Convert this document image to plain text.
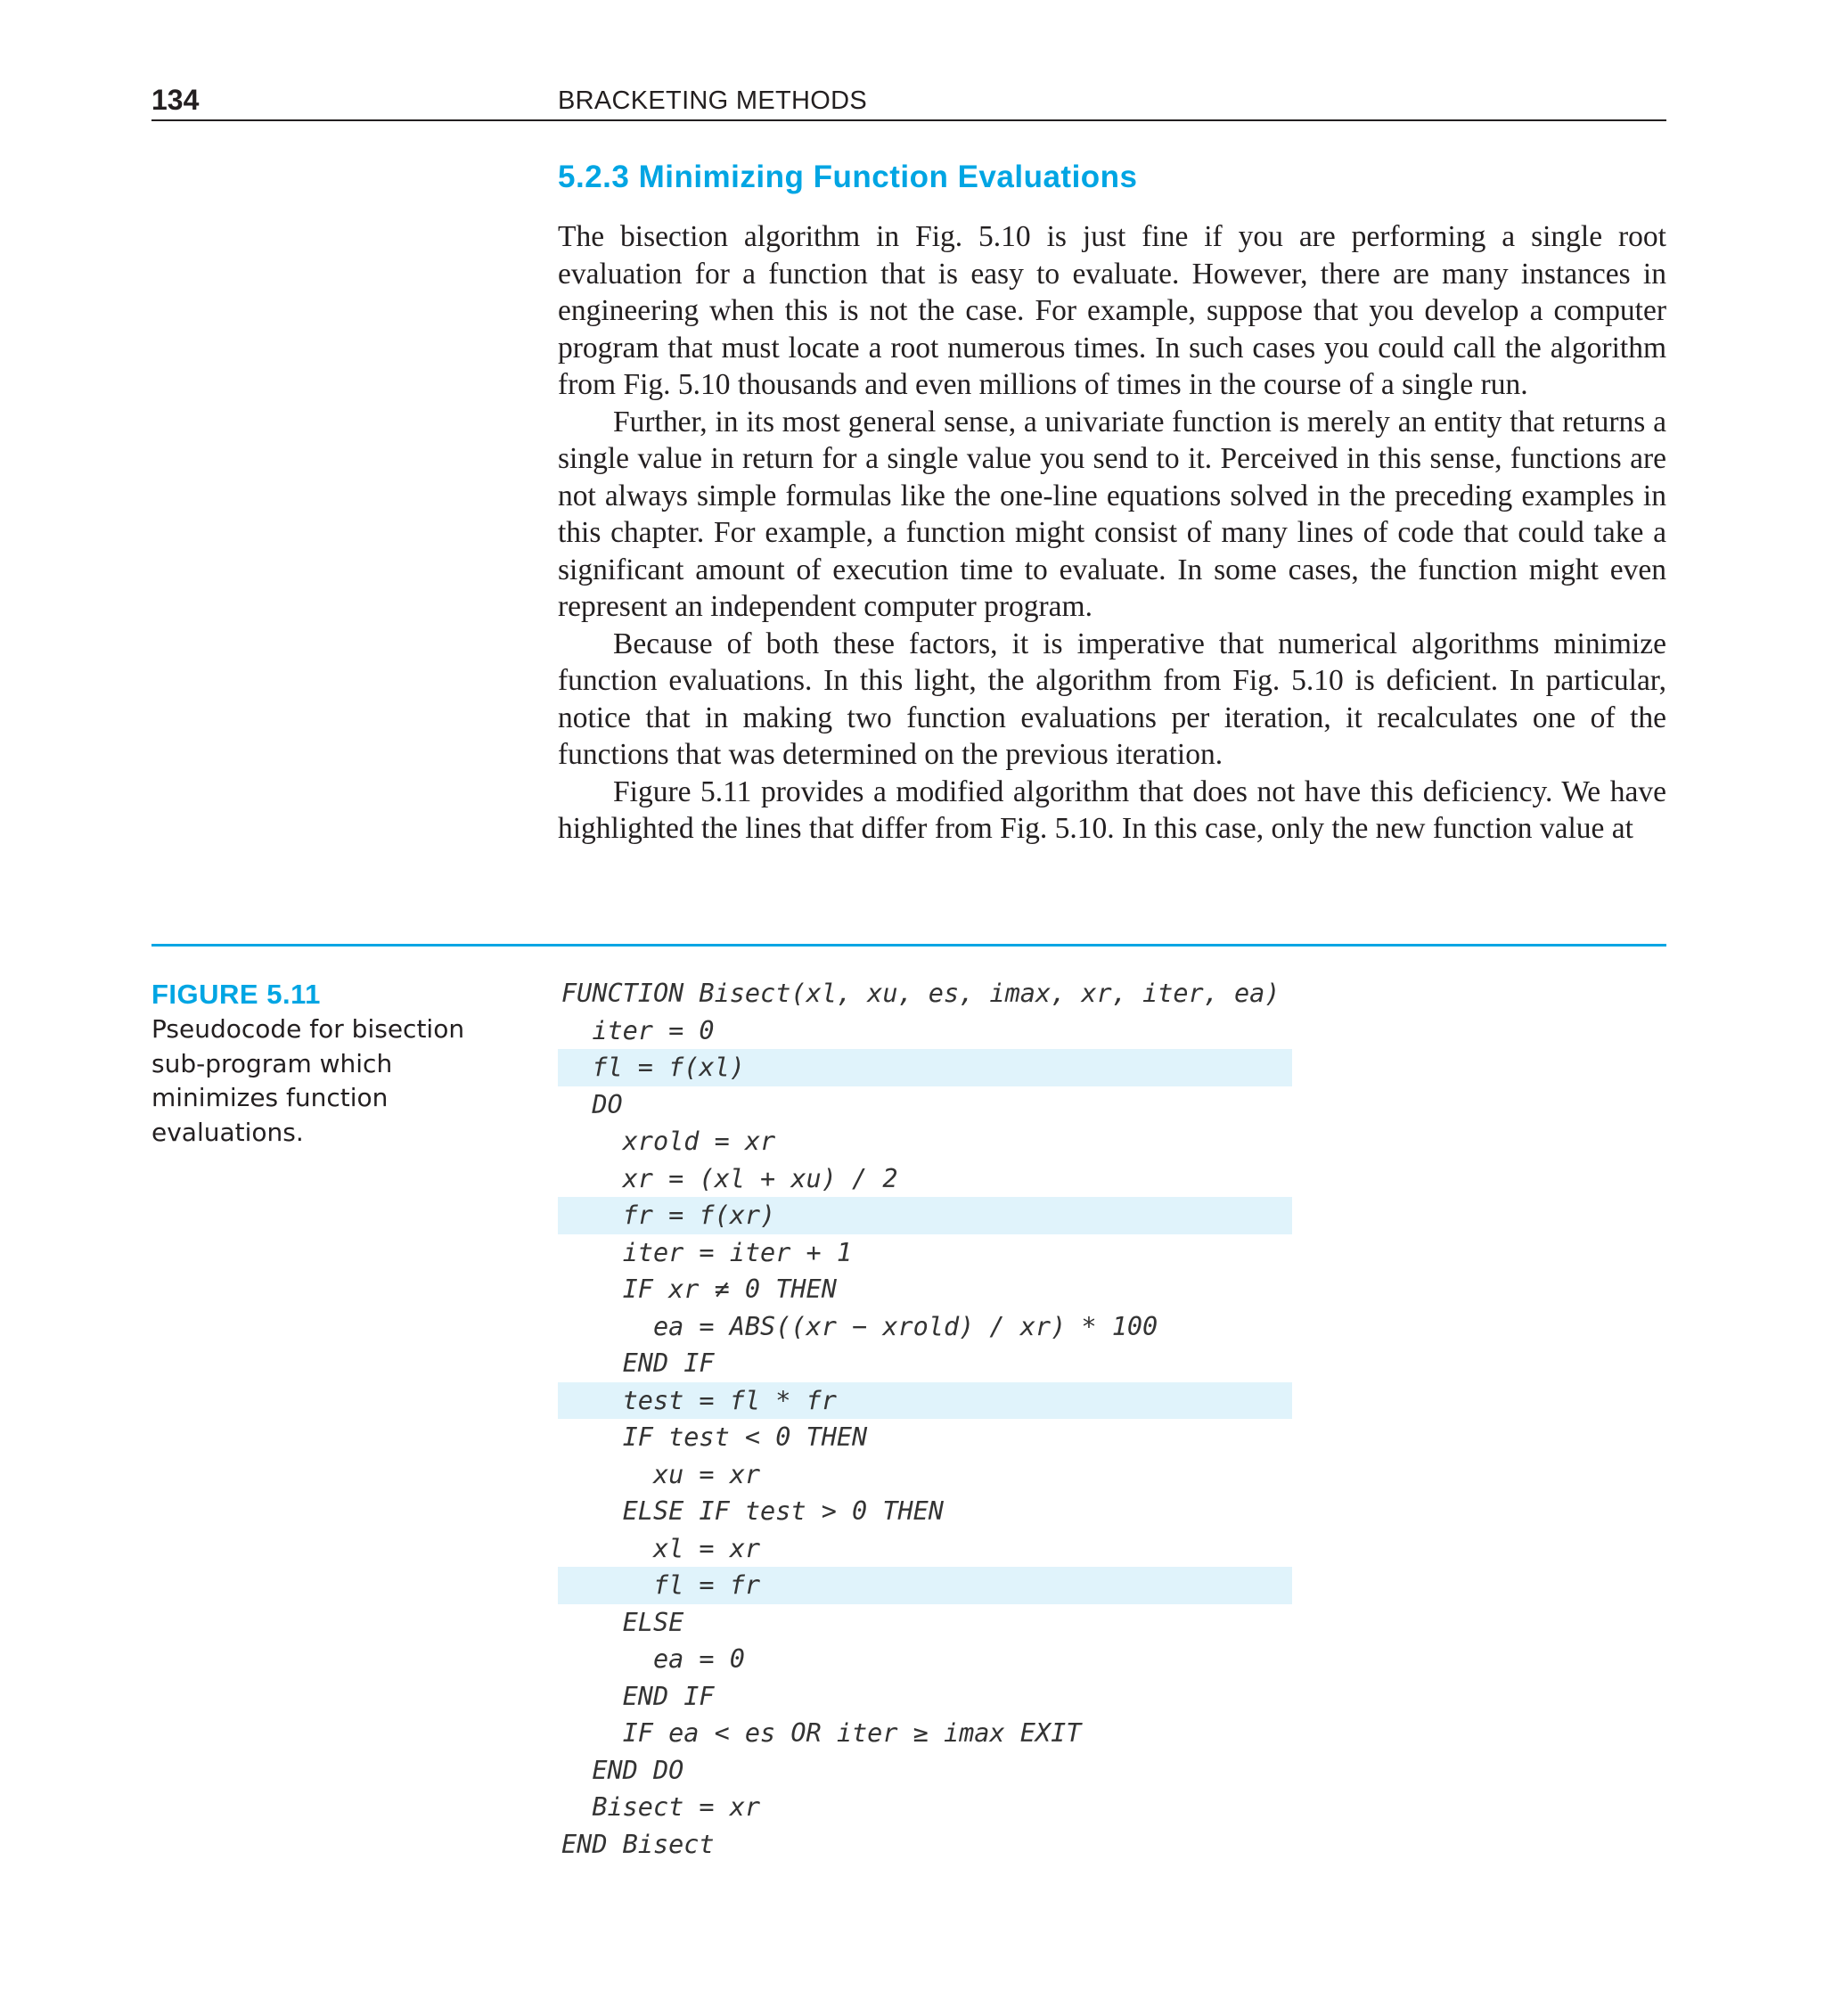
134	BRACKETING METHODS
5.2.3 Minimizing Function Evaluations

The bisection algorithm in Fig. 5.10 is just fine if you are performing a single root evaluation for a function that is easy to evaluate. However, there are many instances in engineering when this is not the case. For example, suppose that you develop a computer program that must locate a root numerous times. In such cases you could call the algorithm from Fig. 5.10 thousands and even millions of times in the course of a single run.

Further, in its most general sense, a univariate function is merely an entity that returns a single value in return for a single value you send to it. Perceived in this sense, functions are not always simple formulas like the one-line equations solved in the preceding examples in this chapter. For example, a function might consist of many lines of code that could take a significant amount of execution time to evaluate. In some cases, the function might even represent an independent computer program.

Because of both these factors, it is imperative that numerical algorithms minimize function evaluations. In this light, the algorithm from Fig. 5.10 is deficient. In particular, notice that in making two function evaluations per iteration, it recalculates one of the functions that was determined on the previous iteration.

Figure 5.11 provides a modified algorithm that does not have this deficiency. We have highlighted the lines that differ from Fig. 5.10. In this case, only the new function value at

FIGURE 5.11
Pseudocode for bisection sub-program which minimizes function evaluations.
FUNCTION Bisect(xl, xu, es, imax, xr, iter, ea)
iter = 0
fl = f(xl)
DO
xrold = xr
xr = (xl + xu) / 2
fr = f(xr)
iter = iter + 1
IF xr ≠ 0 THEN
ea = ABS((xr − xrold) / xr) * 100
END IF
test = fl * fr
IF test < 0 THEN
xu = xr
ELSE IF test > 0 THEN
xl = xr
fl = fr
ELSE
ea = 0
END IF
IF ea < es OR iter ≥ imax EXIT
END DO
Bisect = xr
END Bisect
